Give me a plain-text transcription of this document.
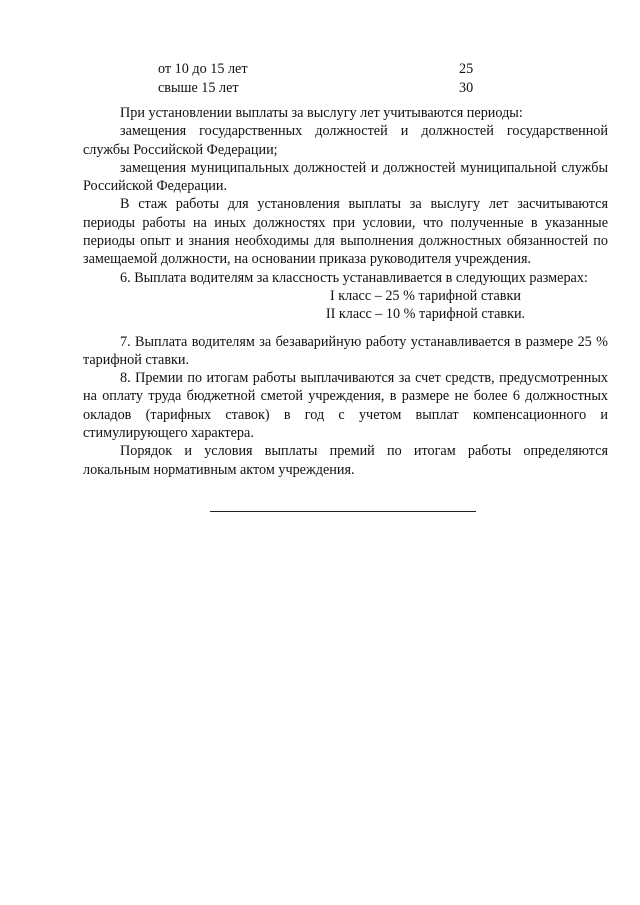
от 10 до 15 лет	25
свыше 15 лет	30

При установлении выплаты за выслугу лет учитываются периоды:

замещения государственных должностей и должностей государственной службы Российской Федерации;

замещения муниципальных должностей и должностей муниципальной службы Российской Федерации.

В стаж работы для установления выплаты за выслугу лет засчитываются периоды работы на иных должностях при условии, что полученные в указанные периоды опыт и знания необходимы для выполнения должностных обязанностей по замещаемой должности, на основании приказа руководителя учреждения.

6. Выплата водителям за классность устанавливается в следующих размерах:

I класс – 25 % тарифной ставки
II класс – 10 % тарифной ставки.

7. Выплата водителям за безаварийную работу устанавливается в размере 25 % тарифной ставки.

8. Премии по итогам работы выплачиваются за счет средств, предусмотренных на оплату труда бюджетной сметой учреждения, в размере не более 6 должностных окладов (тарифных ставок) в год с учетом выплат компенсационного и стимулирующего характера.

Порядок и условия выплаты премий по итогам работы определяются локальным нормативным актом учреждения.
